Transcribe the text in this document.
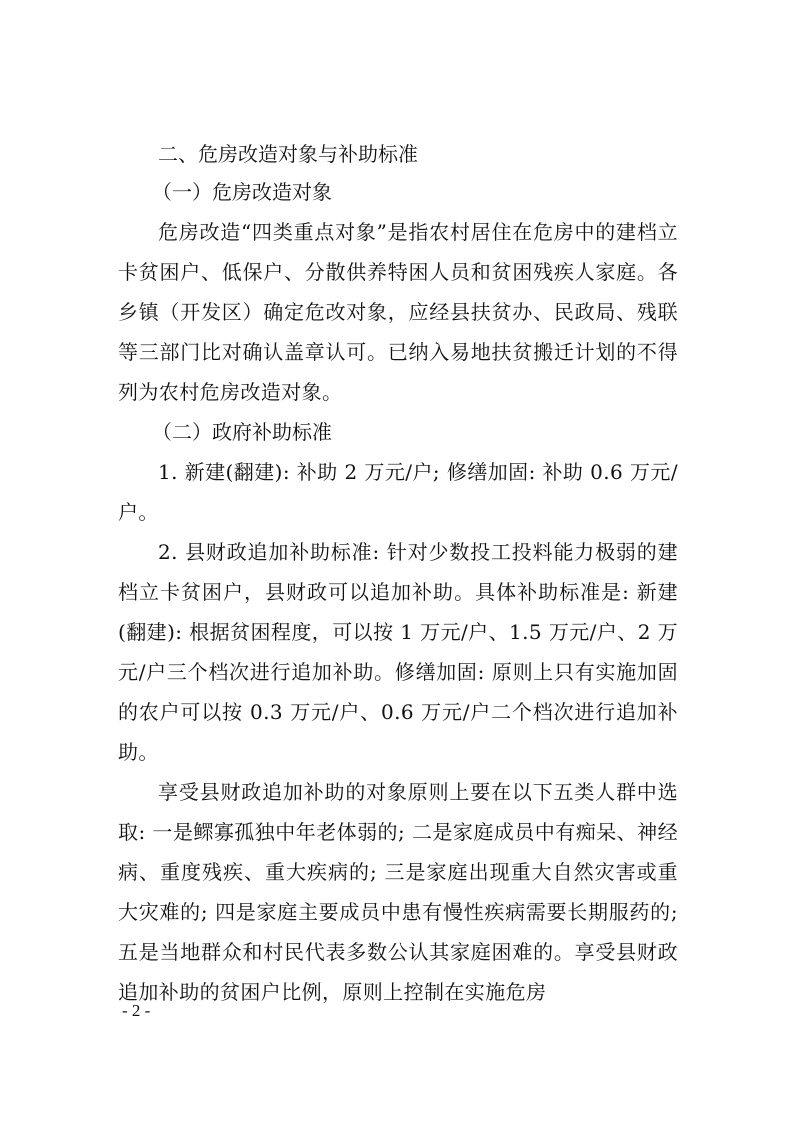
二、危房改造对象与补助标准
（一）危房改造对象

危房改造“四类重点对象”是指农村居住在危房中的建档立卡贫困户、低保户、分散供养特困人员和贫困残疾人家庭。各乡镇（开发区）确定危改对象，应经县扶贫办、民政局、残联等三部门比对确认盖章认可。已纳入易地扶贫搬迁计划的不得列为农村危房改造对象。

（二）政府补助标准

1. 新建(翻建): 补助 2 万元/户; 修缮加固: 补助 0.6 万元/户。

2. 县财政追加补助标准: 针对少数投工投料能力极弱的建档立卡贫困户，县财政可以追加补助。具体补助标准是: 新建(翻建): 根据贫困程度，可以按 1 万元/户、1.5 万元/户、2 万元/户三个档次进行追加补助。修缮加固: 原则上只有实施加固的农户可以按 0.3 万元/户、0.6 万元/户二个档次进行追加补助。

享受县财政追加补助的对象原则上要在以下五类人群中选取: 一是鳏寡孤独中年老体弱的; 二是家庭成员中有痴呆、神经病、重度残疾、重大疾病的; 三是家庭出现重大自然灾害或重大灾难的; 四是家庭主要成员中患有慢性疾病需要长期服药的; 五是当地群众和村民代表多数公认其家庭困难的。享受县财政追加补助的贫困户比例，原则上控制在实施危房

- 2 -
